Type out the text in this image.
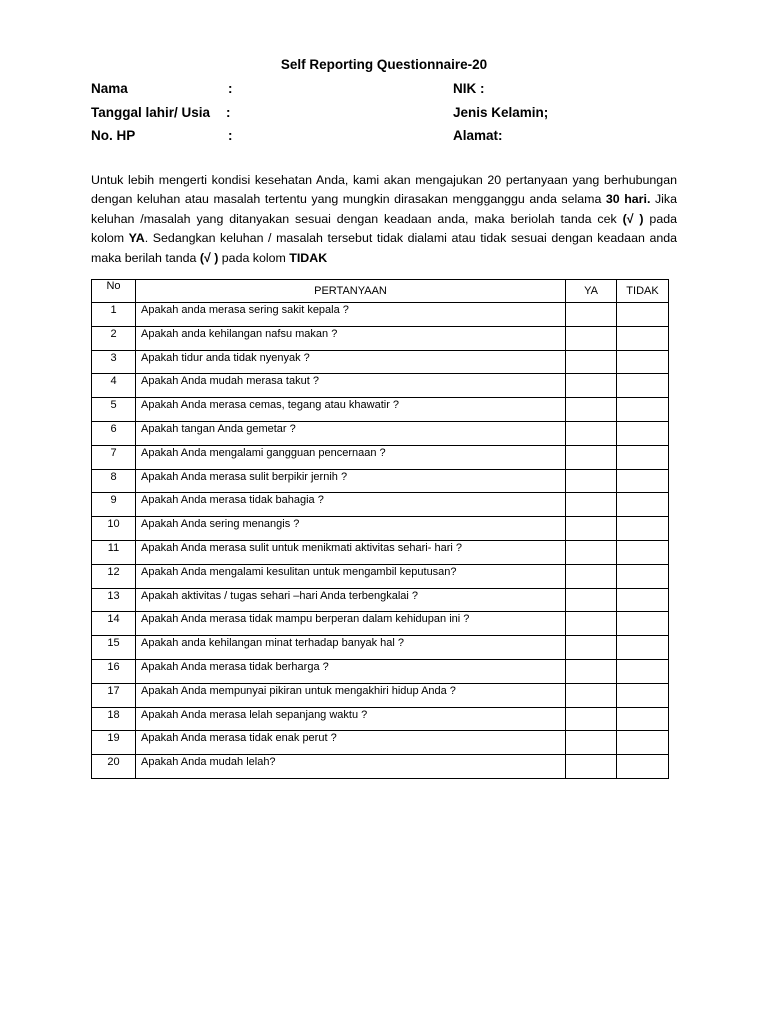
Self Reporting Questionnaire-20
Nama	:	NIK :
Tanggal lahir/ Usia :	Jenis Kelamin;
No. HP	:	Alamat:
Untuk lebih mengerti kondisi kesehatan Anda, kami akan mengajukan 20 pertanyaan yang berhubungan dengan keluhan atau masalah tertentu yang mungkin dirasakan mengganggu anda selama 30 hari. Jika keluhan /masalah yang ditanyakan sesuai dengan keadaan anda, maka beriolah tanda cek (√ ) pada kolom YA. Sedangkan keluhan / masalah tersebut tidak dialami atau tidak sesuai dengan keadaan anda maka berilah tanda (√ ) pada kolom TIDAK
No	PERTANYAAN	YA	TIDAK

1	Apakah anda merasa sering sakit kepala ?		

2	Apakah anda kehilangan nafsu makan ?		

3	Apakah tidur anda tidak nyenyak ?		

4	Apakah Anda mudah merasa takut ?		

5	Apakah Anda merasa cemas, tegang atau khawatir ?		

6	Apakah tangan Anda gemetar ?		

7	Apakah Anda mengalami gangguan pencernaan ?		

8	Apakah Anda merasa sulit berpikir jernih ?		

9	Apakah Anda merasa tidak bahagia ?		

10	Apakah Anda sering menangis ?		

11	Apakah Anda merasa sulit untuk menikmati aktivitas sehari- hari ?		

12	Apakah Anda mengalami kesulitan untuk mengambil keputusan?		

13	Apakah aktivitas / tugas sehari –hari Anda terbengkalai ?		

14	Apakah Anda merasa tidak mampu berperan dalam kehidupan ini ?		

15	Apakah anda kehilangan minat terhadap banyak hal ?		

16	Apakah Anda merasa tidak berharga ?		

17	Apakah Anda mempunyai pikiran untuk mengakhiri hidup Anda ?		

18	Apakah Anda merasa lelah sepanjang waktu ?		

19	Apakah Anda merasa tidak enak perut ?		

20	Apakah Anda mudah lelah?		
